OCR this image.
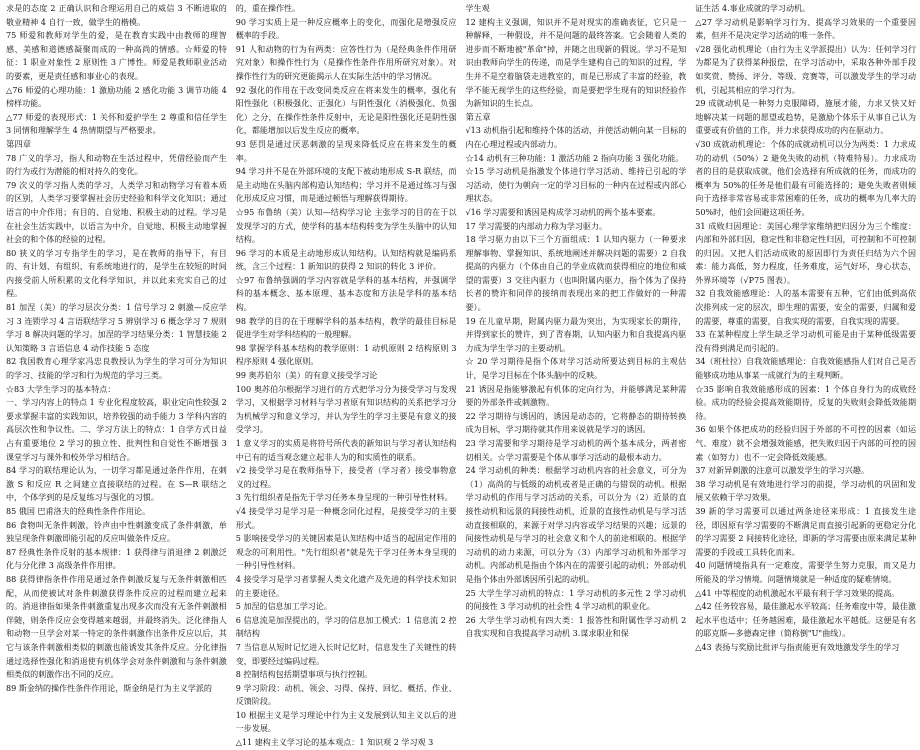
求是的态度 2 正确认识和合理运用自己的威信 3 不断进取的敬业精神 4 自行一致，做学生的楷模。

75 师爱和教师对学生的爱，是在教育实践中由教师的理智感、美感和道德感凝聚而成的一种高尚的情感。☆师爱的特征：1 职业对象性 2 原则性 3 广博性。师爱是教师职业活动的要素，更是责任感和事业心的表现。

△76 师爱的心理功能：1 激励功能 2 感化功能 3 调节功能 4 榜样功能。

△77 师爱的表现形式：1 关怀和爱护学生 2 尊重和信任学生 3 同情和理解学生 4 热情期望与严格要求。

第四章

78 广义的学习，指人和动物在生活过程中，凭借经验而产生的行为或行为潜能的相对持久的变化。

79 次义的学习指人类的学习，人类学习和动物学习有着本质的区别，人类学习要掌握社会历史经验和科学文化知识；通过语言的中介作用；有目的、自觉地、积极主动的过程。学习是在社会生活实践中，以语言为中介，自觉地、积极主动地掌握社会的和个体的经验的过程。

80 狭义的学习专指学生的学习，是在教师的指导下，有目的、有计划、有组织、有系统地进行的，是学生在较短的时间内接受前人所积累的文化科学知识，并以此来充实自己的过程。

81 加涅（美）的学习层次分类：1 信号学习 2 刺激—反应学习 3 连锁学习 4 言语联结学习 5 辨别学习 6 概念学习 7 规则学习 8 解决问题的学习。加涅的学习结果分类：1 智慧技能 2 认知策略 3 言语信息 4 动作技能 5 态度

82 我国教育心理学家冯忠良教授认为学生的学习可分为知识的学习、技能的学习和行为规范的学习三类。

☆83 大学生学习的基本特点：

一、学习内容上的特点 1 专业化程度较高，职业定向性较强 2 要求掌握丰富的实践知识，培养较强的动手能力 3 学科内容的高层次性和争议性。二、学习方法上的特点：1 自学方式日益占有重要地位 2 学习的独立性、批判性和自觉性不断增强 3 课堂学习与课外和校外学习相结合。

84 学习的联结理论认为，一切学习都是通过条件作用，在刺激 S 和反应 R 之间建立直接联结的过程。在 S—R 联结之中，个体学到的是反复练习与强化的习惯。

85 俄国 巴甫洛夫的经典性条件作用论。

86 食物叫无条件刺激，铃声由中性刺激变成了条件刺激，单独呈现条件刺激即能引起的反应叫做条件反应。

87 经典性条件反射的基本规律：1 获得律与消退律 2 刺激泛化与分化律 3 高级条件作用律。

88 获得律指条件作用是通过条件刺激反复与无条件刺激相匹配，从而使被试对条件刺激获得条件反应的过程而建立起来的。消退律指如果条件刺激重复出现多次而没有无条件刺激相伴随，则条件反应会变得越来越弱，并最终消失。泛化律指人和动物一旦学会对某一特定的条件刺激作出条件反应以后，其它与该条件刺激相类似的刺激也能诱发其条件反应。分化律指通过选择性强化和消退使有机体学会对条件刺激和与条件刺激相类似的刺激作出不同的反应。

89 斯金纳的操作性条件作用论，斯金纳是行为主义学派的

的，重在操作性。

90 学习实质上是一种反应概率上的变化，而强化是增强反应概率的手段。

91 人和动物的行为有两类：应答性行为（是经典条件作用研究对象）和操作性行为（是操作性条件作用所研究对象）。对操作性行为的研究更能揭示人在实际生活中的学习情况。

92 强化的作用在于改变同类反应在将来发生的概率，强化有阳性强化（积极强化、正强化）与阴性强化（消极强化、负强化）之分，在操作性条件反射中，无论是阳性强化还是阴性强化，都能增加以后发生反应的概率。

93 惩罚是通过厌恶刺激的呈现来降低反应在将来发生的概率。

94 学习并不是在外部环境的支配下被动地形成 S-R 联结，而是主动地在头脑内部构造认知结构；学习并不是通过练习与强化形成反应习惯，而是通过顿悟与理解获得期待。

☆95 布鲁纳（美）认知—结构学习论 主张学习的目的在于以发现学习的方式，使学科的基本结构转变为学生头脑中的认知结构。

96 学习的本质是主动地形成认知结构。认知结构就是编码系统，含三个过程：1 新知识的获得 2 知识的转化 3 评价。

☆97 布鲁纳强调的学习内容就是学科的基本结构，并强调学科的基本概念、基本原理、基本态度和方法是学科的基本结构。

98 教学的目的在于理解学科的基本结构，教学的最佳目标是促进学生对学科结构的一般理解。

98 掌握学科基本结构的教学原则：1 动机原则 2 结构原则 3 程序原则 4 强化原则。

99 奥苏伯尔（美）的有意义接受学习论

100 奥苏伯尔根据学习进行的方式把学习分为接受学习与发现学习，又根据学习材料与学习者原有知识结构的关系把学习分为机械学习和意义学习，并认为学生的学习主要是有意义的接受学习。

1 意义学习的实质是将符号所代表的新知识与学习者认知结构中已有的适当观念建立起非人为的和实质性的联系。

√2 接受学习是在教师指导下，接受者（学习者）接受事物意义的过程。

3 先行组织者是指先于学习任务本身呈现的一种引导性材料。

√4 接受学习是学习是一种概念同化过程，是接受学习的主要形式。

5 影响接受学习的关键因素是认知结构中适当的起固定作用的观念的可利用性。"先行组织者"就是先于学习任务本身呈现的一种引导性材料。

4 接受学习是学习者掌握人类文化遗产及先进的科学技术知识的主要途径。

5 加涅的信息加工学习论。

6 信息流是加涅提出的，学习的信息加工模式：1 信息流 2 控制结构

7 当信息从短时记忆进入长时记忆时，信息发生了关键性的转变，即要经过编码过程。

8 控制结构包括期望事项与执行控制。

9 学习阶段：动机、领会、习得、保持、回忆、概括、作业、反馈阶段。

10 根据主义是学习理论中行为主义发展到认知主义以后的进一步发展。

△11 建构主义学习论的基本观点：1 知识观 2 学习观 3

学生观

12 建构主义强调，知识并不是对现实的准确表征，它只是一种解释，一种假设，并不是问题的最终答案。它会随着人类的进步而不断地被"革命"掉，并随之出现新的假说。学习不是知识由教师向学生的传递，而是学生建构自己的知识的过程，学生并不是空着脑袋走进教室的，而是已形成了丰富的经验，教学不能无视学生的这些经验，而是要把学生现有的知识经验作为新知识的生长点。

第五章

√13 动机指引起和维持个体的活动，并使活动朝向某一目标的内在心理过程或内部动力。

☆14 动机有三种功能：1 激活功能 2 指向功能 3 强化功能。

☆15 学习动机是指激发个体进行学习活动、维持已引起的学习活动，使行为朝向一定的学习目标的一种内在过程或内部心理状态。

√16 学习需要和诱因是构成学习动机的两个基本要素。

17 学习需要的内部动力称为学习驱力。

18 学习驱力由以下三个方面组成：1 认知内驱力（一种要求理解事物、掌握知识、系统地阐述并解决问题的需要）2 自我提高的内驱力（个体由自己的学业成就而获得相应的地位和威望的需要）3 交往内驱力（也叫附属内驱力，指个体为了保持长者的赞许和同伴的接纳而表现出来的把工作做好的一种需要）。

19 在儿童早期，附属内驱力最为突出，为实现家长的期待，并得到家长的赞许，到了青春期，认知内驱力和自我提高内驱力成为学生学习的主要动机。

☆ 20 学习期待是指个体对学习活动所要达到目标的主观估计，是学习目标在个体头脑中的反映。

21 诱因是指能够激起有机体的定向行为，并能够满足某种需要的外部条件或刺激物。

22 学习期待与诱因的，诱因是动态的，它将静态的期待转换成为目标，学习期待就其作用来说就是学习的诱因。

23 学习需要和学习期待是学习动机的两个基本成分，两者密切相关。☆学习需要是个体从事学习活动的最根本动力。

24 学习动机的种类：根据学习动机内容的社会意义，可分为（1）高尚的与低级的动机或者是正确的与错误的动机。根据学习动机的作用与学习活动的关系，可以分为（2）近景的直接性动机和远景的间接性动机，近景的直接性动机是与学习活动直接相联的，来源于对学习内容或学习结果的兴趣；远景的间接性动机是与学习的社会意义和个人的前途相联的。根据学习动机的动力来源，可以分为（3）内部学习动机和外部学习动机。内部动机是指由个体内在的需要引起的动机；外部动机是指个体由外部诱因所引起的动机。

25 大学生学习动机的特点：1 学习动机的多元性 2 学习动机的间接性 3 学习动机的社会性 4 学习动机的职业化。

26 大学生学习动机有四大类：1 报答性和附属性学习动机 2 自我实现和自我提高学习动机 3.谋求职业和保

证生活 4.事业成就的学习动机。

△27 学习动机是影响学习行为、提高学习效果的一个重要因素，但并不是决定学习活动的唯一条件。

√28 强化动机理论（由行为主义学派提出）认为：任何学习行为都是为了获得某种报偿，在学习活动中，采取各种外部手段如奖赏、赞扬、评分、等级、竞赛等，可以激发学生的学习动机，引起其相应的学习行为。

29 成就动机是一种努力克服障碍，施展才能，力求又快又好地解决某一问题的愿望或趋势，是激励个体乐于从事自己认为重要或有价值的工作，并力求获得成功的内在驱动力。

√30 成就动机理论：个体的成就动机可以分为两类：1 力求成功的动机（50%）2 避免失败的动机（特难特易）。力求成功者的目的是获取成就，他们会选择有所成就的任务，而成功的概率为 50%的任务是他们最有可能选择的；避免失败者则倾向于选择非常容易或非常困难的任务，成功的概率为几率大的 50%时，他们会回避这项任务。

31 成败归因理论：美国心理学家维纳把归因分为三个维度：内部和外部归因，稳定性和非稳定性归因，可控制和不可控制的归因。又把人们活动成败的原因即行为责任归结为六个因素：能力高低，努力程度，任务难度，运气好坏，身心状态，外界环境等（√P75 图表）。

32 自我效能感理论：人的基本需要有五种，它们由低到高依次排列成一定的层次，即生理的需要，安全的需要，归属和爱的需要，尊重的需要，自我实现的需要，自我实现的需要。

33 在某种程度上学生缺乏学习动机可能是由于某种低级需要没有得到满足而引起的。

34（班杜拉）自我效能感理论：自我效能感指人们对自己是否能够成功地从事某一成就行为的主观判断。

☆35 影响自我效能感形成的因素：1 个体自身行为的成败经验。成功的经验会提高效能期待，反复的失败则会降低效能期待。

36 如果个体把成功的经验归因于外部的不可控的因素（如运气、难度）就不会增强效能感，把失败归因于内部的可控的因素（如努力）也不一定会降低效能感。

37 对新异刺激的注意可以激发学生的学习兴趣。

38 学习动机是有效地进行学习的前提，学习动机的巩固和发展又依赖于学习效果。

39 新的学习需要可以通过两条途径来形成：1 直接发生途径，即因原有学习需要的不断满足而直接引起新的更稳定分化的学习需要 2 间接转化途径，即新的学习需要由原来满足某种需要的手段或工具转化而来。

40 问题情境指具有一定难度，需要学生努力克服，而又是力所能及的学习情境。问题情境就是一种适度的疑难情境。

△41 中等程度的动机激起水平最有利于学习效果的提高。

△42 任务较容易，最佳激起水平较高；任务难度中等，最佳激起水平也适中；任务越困难，最佳激起水平越低。这便是有名的耶克斯—多德森定律（简称倒"U"曲线）。

△43 表扬与奖励比批评与指责能更有效地激发学生的学习
